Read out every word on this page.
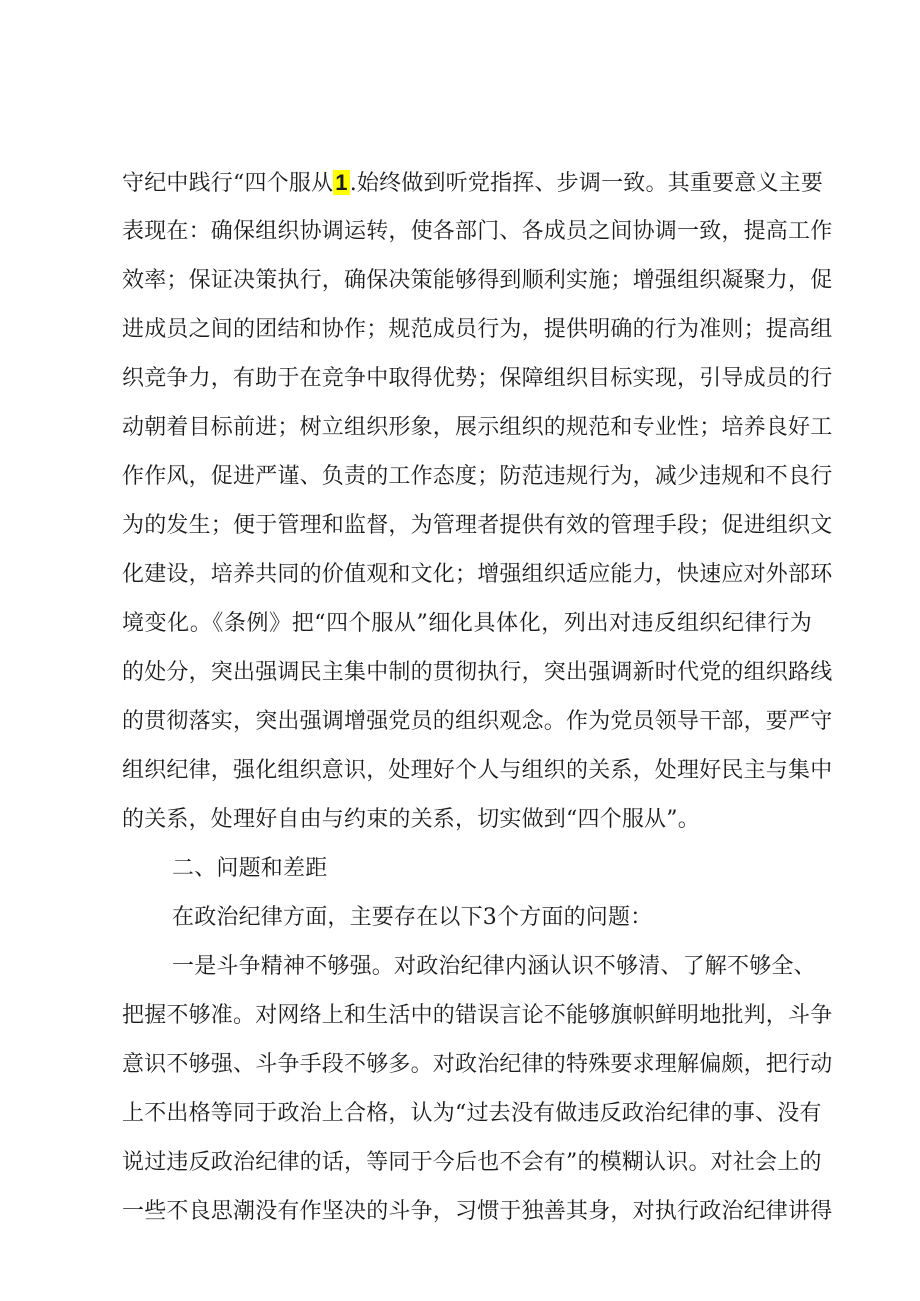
守纪中践行“四个服从1.始终做到听党指挥、步调一致。其重要意义主要
表现在：确保组织协调运转，使各部门、各成员之间协调一致，提高工作
效率；保证决策执行，确保决策能够得到顺利实施；增强组织凝聚力，促
进成员之间的团结和协作；规范成员行为，提供明确的行为准则；提高组
织竞争力，有助于在竞争中取得优势；保障组织目标实现，引导成员的行
动朝着目标前进；树立组织形象，展示组织的规范和专业性；培养良好工
作作风，促进严谨、负责的工作态度；防范违规行为，减少违规和不良行
为的发生；便于管理和监督，为管理者提供有效的管理手段；促进组织文
化建设，培养共同的价值观和文化；增强组织适应能力，快速应对外部环
境变化。《条例》把“四个服从”细化具体化，列出对违反组织纪律行为
的处分，突出强调民主集中制的贯彻执行，突出强调新时代党的组织路线
的贯彻落实，突出强调增强党员的组织观念。作为党员领导干部，要严守
组织纪律，强化组织意识，处理好个人与组织的关系，处理好民主与集中
的关系，处理好自由与约束的关系，切实做到“四个服从”。
二、问题和差距
在政治纪律方面，主要存在以下3个方面的问题：
一是斗争精神不够强。对政治纪律内涵认识不够清、了解不够全、
把握不够准。对网络上和生活中的错误言论不能够旗帜鲜明地批判，斗争
意识不够强、斗争手段不够多。对政治纪律的特殊要求理解偏颇，把行动
上不出格等同于政治上合格，认为“过去没有做违反政治纪律的事、没有
说过违反政治纪律的话，等同于今后也不会有”的模糊认识。对社会上的
一些不良思潮没有作坚决的斗争，习惯于独善其身，对执行政治纪律讲得
